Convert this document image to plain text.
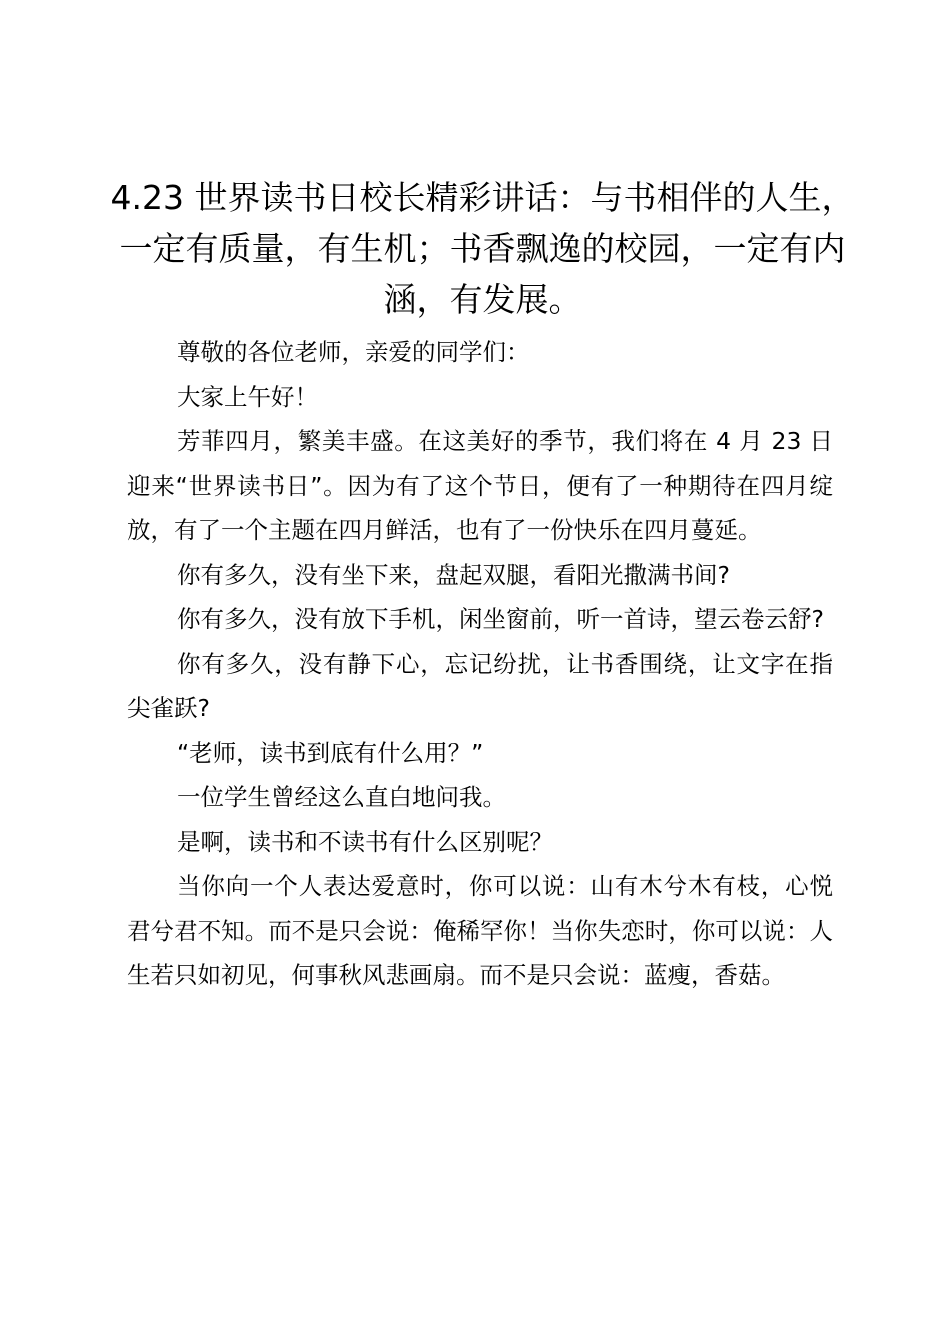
4.23 世界读书日校长精彩讲话：与书相伴的人生，一定有质量，有生机；书香飘逸的校园，一定有内涵，有发展。

尊敬的各位老师，亲爱的同学们：

大家上午好！

芳菲四月，繁美丰盛。在这美好的季节，我们将在 4 月 23 日迎来“世界读书日”。因为有了这个节日，便有了一种期待在四月绽放，有了一个主题在四月鲜活，也有了一份快乐在四月蔓延。

你有多久，没有坐下来，盘起双腿，看阳光撒满书间?

你有多久，没有放下手机，闲坐窗前，听一首诗，望云卷云舒?

你有多久，没有静下心，忘记纷扰，让书香围绕，让文字在指尖雀跃?

“老师，读书到底有什么用？”

一位学生曾经这么直白地问我。

是啊，读书和不读书有什么区别呢？

当你向一个人表达爱意时，你可以说：山有木兮木有枝，心悦君兮君不知。而不是只会说：俺稀罕你！当你失恋时，你可以说：人生若只如初见，何事秋风悲画扇。而不是只会说：蓝瘦，香菇。
